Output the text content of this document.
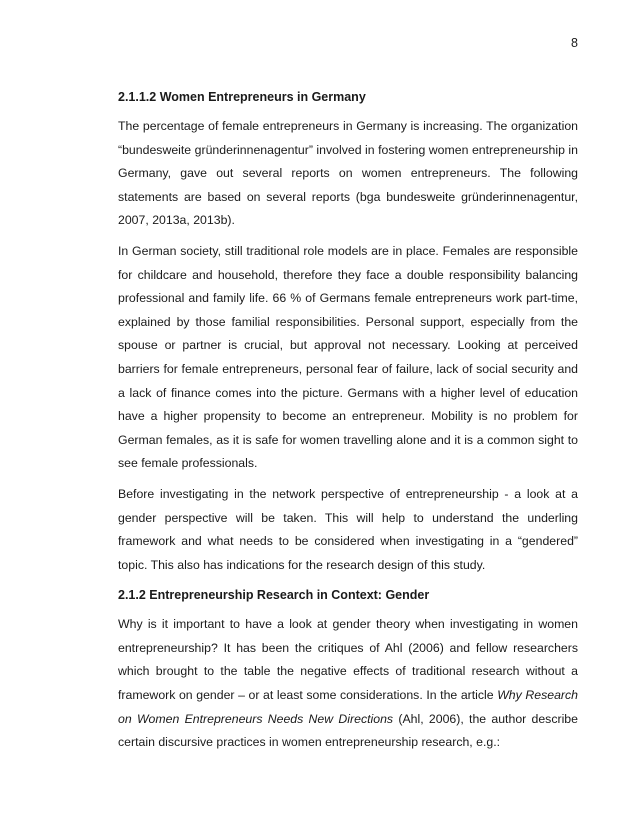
8
2.1.1.2 Women Entrepreneurs in Germany

The percentage of female entrepreneurs in Germany is increasing. The organization “bundesweite gründerinnenagentur” involved in fostering women entrepreneurship in Germany, gave out several reports on women entrepreneurs. The following statements are based on several reports (bga bundesweite gründerinnenagentur, 2007, 2013a, 2013b).

In German society, still traditional role models are in place. Females are responsible for childcare and household, therefore they face a double responsibility balancing professional and family life. 66 % of Germans female entrepreneurs work part-time, explained by those familial responsibilities. Personal support, especially from the spouse or partner is crucial, but approval not necessary. Looking at perceived barriers for female entrepreneurs, personal fear of failure, lack of social security and a lack of finance comes into the picture. Germans with a higher level of education have a higher propensity to become an entrepreneur. Mobility is no problem for German females, as it is safe for women travelling alone and it is a common sight to see female professionals.

Before investigating in the network perspective of entrepreneurship - a look at a gender perspective will be taken. This will help to understand the underling framework and what needs to be considered when investigating in a “gendered” topic. This also has indications for the research design of this study.

2.1.2 Entrepreneurship Research in Context: Gender

Why is it important to have a look at gender theory when investigating in women entrepreneurship? It has been the critiques of Ahl (2006) and fellow researchers which brought to the table the negative effects of traditional research without a framework on gender – or at least some considerations. In the article Why Research on Women Entrepreneurs Needs New Directions (Ahl, 2006), the author describe certain discursive practices in women entrepreneurship research, e.g.:
